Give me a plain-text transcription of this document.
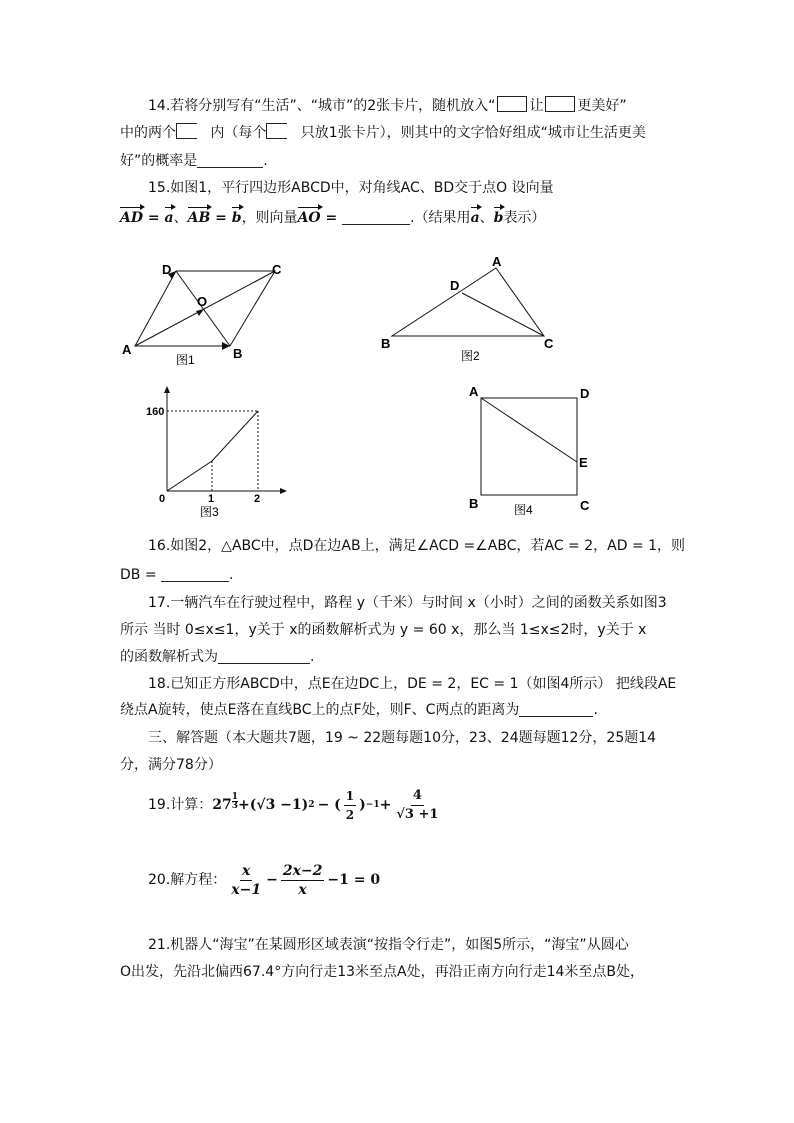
14.若将分别写有“生活”、“城市”的2张卡片，随机放入“ 让 更美好”
中的两个 内（每个 只放1张卡片），则其中的文字恰好组成“城市让生活更美
好”的概率是	.
15.如图1，平行四边形ABCD中，对角线AC、BD交于点O 设向量
AD = a、AB = b，则向量AO =	.（结果用a、b表示）
D	C
O
A	B
图1
A
D
B	C
图2
160
0	1	2
图3
A	D
E
B	C
图4
16.如图2，△ABC中，点D在边AB上，满足∠ACD =∠ABC，若AC = 2，AD = 1，则
DB =	.
17.一辆汽车在行驶过程中，路程 y（千米）与时间 x（小时）之间的函数关系如图3
所示 当时 0≤x≤1，y关于 x的函数解析式为 y = 60 x，那么当 1≤x≤2时，y关于 x
的函数解析式为	.
18.已知正方形ABCD中，点E在边DC上，DE = 2，EC = 1（如图4所示） 把线段AE
绕点A旋转，使点E落在直线BC上的点F处，则F、C两点的距离为	.
三、解答题（本大题共7题，19 ~ 22题每题10分，23、24题每题12分，25题14
分，满分78分）
19.计算： 27 $^{\frac{1}{3}}$ +(√3 −1) 2 − ( $\frac{1}{2}$ ) $-1 + \frac{4}{√3 +1}$
20.解方程： $\frac{x}{x-1} - \frac{2x-2}{x} -1 = 0$
21.机器人“海宝”在某圆形区域表演“按指令行走”，如图5所示，“海宝”从圆心
O出发，先沿北偏西67.4°方向行走13米至点A处，再沿正南方向行走14米至点B处，
